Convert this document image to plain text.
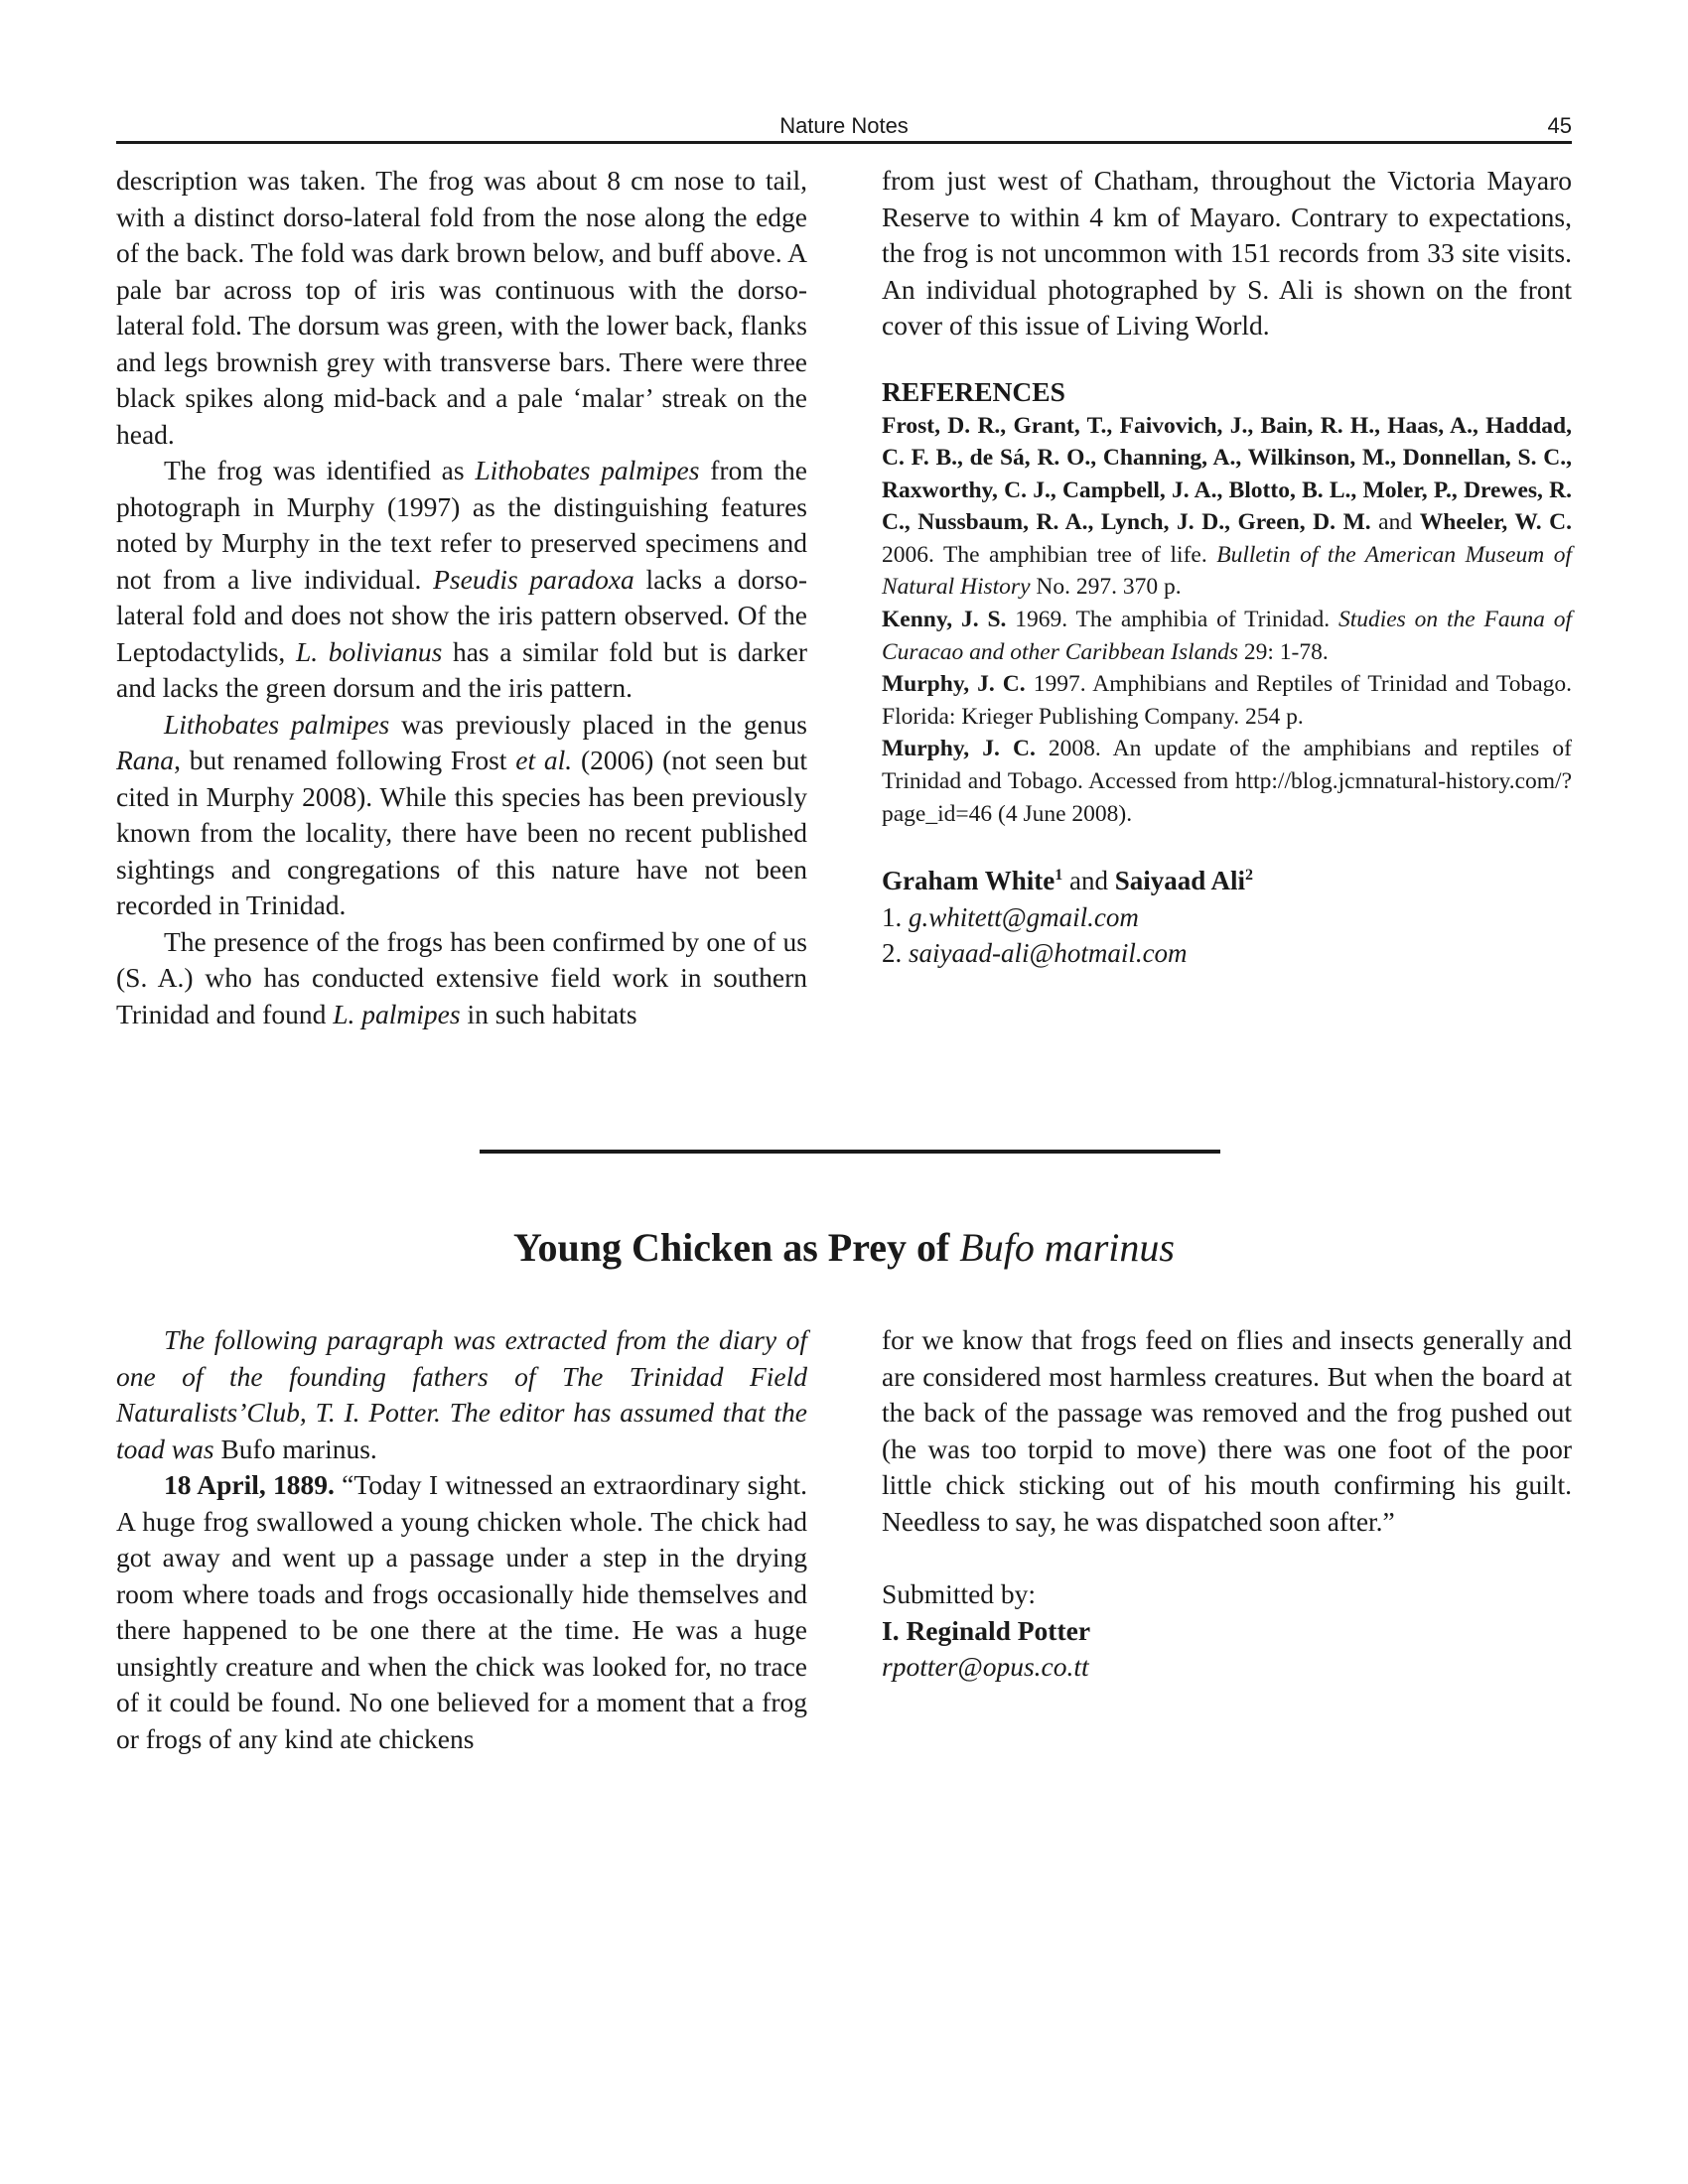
Nature Notes	45

description was taken. The frog was about 8 cm nose to tail, with a distinct dorso-lateral fold from the nose along the edge of the back. The fold was dark brown below, and buff above. A pale bar across top of iris was continuous with the dorso-lateral fold. The dorsum was green, with the lower back, flanks and legs brownish grey with transverse bars. There were three black spikes along mid-back and a pale ‘malar’ streak on the head.

The frog was identified as Lithobates palmipes from the photograph in Murphy (1997) as the distinguishing features noted by Murphy in the text refer to preserved specimens and not from a live individual. Pseudis paradoxa lacks a dorso-lateral fold and does not show the iris pattern observed. Of the Leptodactylids, L. bolivianus has a similar fold but is darker and lacks the green dorsum and the iris pattern.

Lithobates palmipes was previously placed in the genus Rana, but renamed following Frost et al. (2006) (not seen but cited in Murphy 2008). While this species has been previously known from the locality, there have been no recent published sightings and congregations of this nature have not been recorded in Trinidad.

The presence of the frogs has been confirmed by one of us (S. A.) who has conducted extensive field work in southern Trinidad and found L. palmipes in such habitats

from just west of Chatham, throughout the Victoria Mayaro Reserve to within 4 km of Mayaro. Contrary to expectations, the frog is not uncommon with 151 records from 33 site visits. An individual photographed by S. Ali is shown on the front cover of this issue of Living World.

REFERENCES

Frost, D. R., Grant, T., Faivovich, J., Bain, R. H., Haas, A., Haddad, C. F. B., de Sá, R. O., Channing, A., Wilkinson, M., Donnellan, S. C., Raxworthy, C. J., Campbell, J. A., Blotto, B. L., Moler, P., Drewes, R. C., Nussbaum, R. A., Lynch, J. D., Green, D. M. and Wheeler, W. C. 2006. The amphibian tree of life. Bulletin of the American Museum of Natural History No. 297. 370 p.

Kenny, J. S. 1969. The amphibia of Trinidad. Studies on the Fauna of Curacao and other Caribbean Islands 29: 1-78.

Murphy, J. C. 1997. Amphibians and Reptiles of Trinidad and Tobago. Florida: Krieger Publishing Company. 254 p.

Murphy, J. C. 2008. An update of the amphibians and reptiles of Trinidad and Tobago. Accessed from http://blog.jcmnatural-history.com/?page_id=46 (4 June 2008).

Graham White$^1$ and Saiyaad Ali$^2$

1. g.whitett@gmail.com

2. saiyaad-ali@hotmail.com

Young Chicken as Prey of Bufo marinus

The following paragraph was extracted from the diary of one of the founding fathers of The Trinidad Field Naturalists’Club, T. I. Potter. The editor has assumed that the toad was Bufo marinus.

18 April, 1889. “Today I witnessed an extraordinary sight. A huge frog swallowed a young chicken whole. The chick had got away and went up a passage under a step in the drying room where toads and frogs occasionally hide themselves and there happened to be one there at the time. He was a huge unsightly creature and when the chick was looked for, no trace of it could be found. No one believed for a moment that a frog or frogs of any kind ate chickens

for we know that frogs feed on flies and insects generally and are considered most harmless creatures. But when the board at the back of the passage was removed and the frog pushed out (he was too torpid to move) there was one foot of the poor little chick sticking out of his mouth confirming his guilt. Needless to say, he was dispatched soon after.”

Submitted by:

I. Reginald Potter

rpotter@opus.co.tt
